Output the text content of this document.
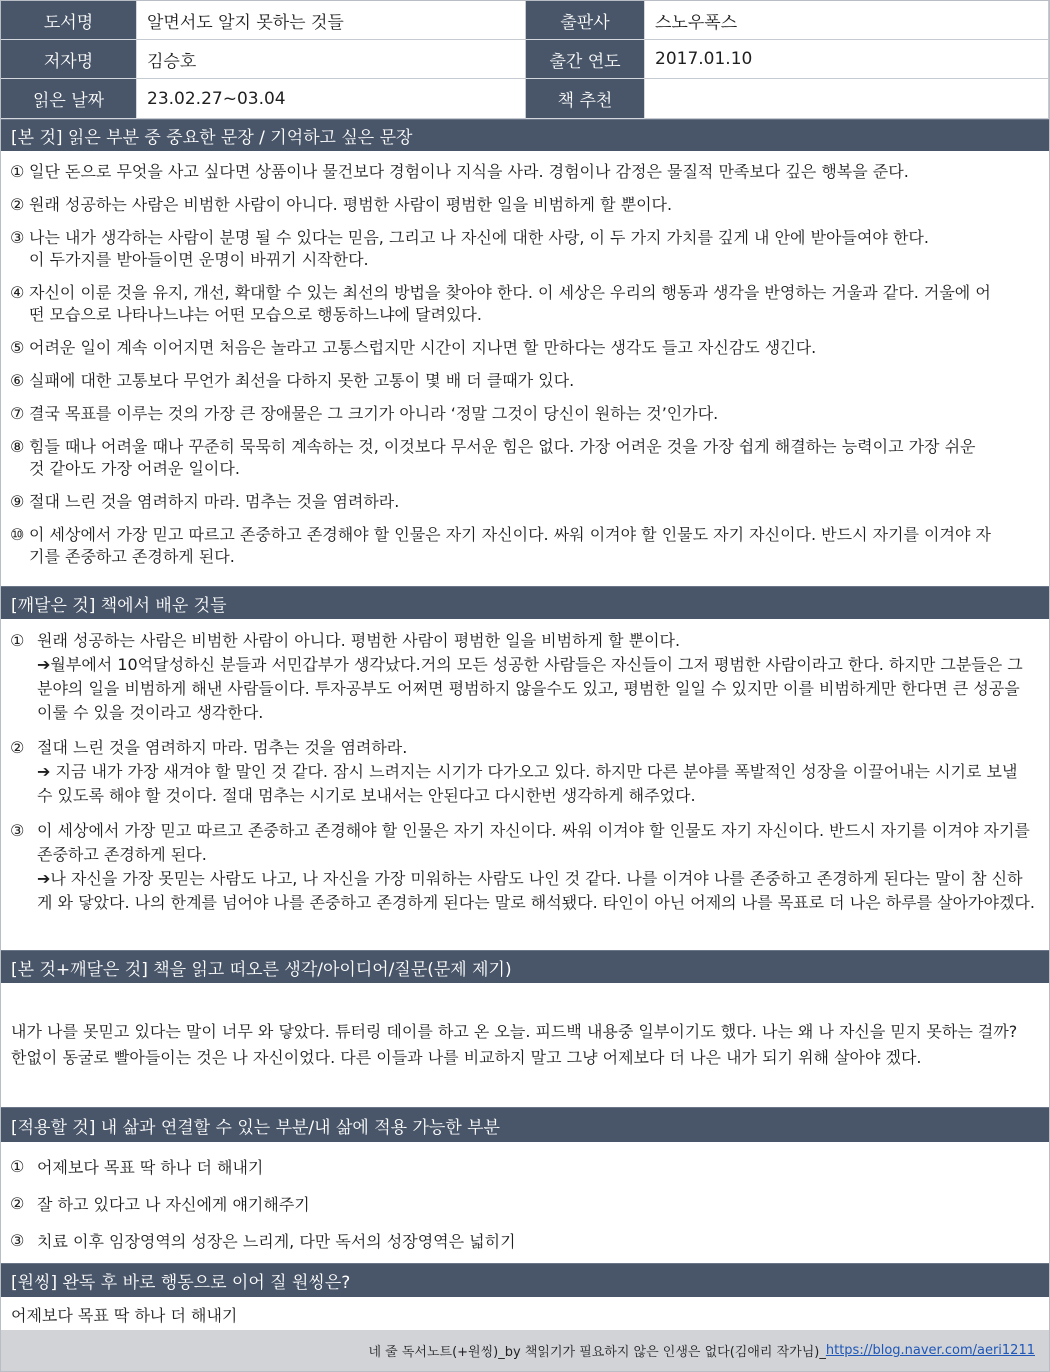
도서명	알면서도 알지 못하는 것들	출판사	스노우폭스
저자명	김승호	출간 연도	2017.01.10
읽은 날짜	23.02.27~03.04	책 추천
[본 것] 읽은 부분 중 중요한 문장 / 기억하고 싶은 문장
① 일단 돈으로 무엇을 사고 싶다면 상품이나 물건보다 경험이나 지식을 사라. 경험이나 감정은 물질적 만족보다 깊은 행복을 준다.
② 원래 성공하는 사람은 비범한 사람이 아니다. 평범한 사람이 평범한 일을 비범하게 할 뿐이다.
③ 나는 내가 생각하는 사람이 분명 될 수 있다는 믿음, 그리고 나 자신에 대한 사랑, 이 두 가지 가치를 깊게 내 안에 받아들여야 한다.
이 두가지를 받아들이면 운명이 바뀌기 시작한다.
④ 자신이 이룬 것을 유지, 개선, 확대할 수 있는 최선의 방법을 찾아야 한다. 이 세상은 우리의 행동과 생각을 반영하는 거울과 같다. 거울에 어
떤 모습으로 나타나느냐는 어떤 모습으로 행동하느냐에 달려있다.
⑤ 어려운 일이 계속 이어지면 처음은 놀라고 고통스럽지만 시간이 지나면 할 만하다는 생각도 들고 자신감도 생긴다.
⑥ 실패에 대한 고통보다 무언가 최선을 다하지 못한 고통이 몇 배 더 클때가 있다.
⑦ 결국 목표를 이루는 것의 가장 큰 장애물은 그 크기가 아니라 ‘정말 그것이 당신이 원하는 것’인가다.
⑧ 힘들 때나 어려울 때나 꾸준히 묵묵히 계속하는 것, 이것보다 무서운 힘은 없다. 가장 어려운 것을 가장 쉽게 해결하는 능력이고 가장 쉬운
것 같아도 가장 어려운 일이다.
⑨ 절대 느린 것을 염려하지 마라. 멈추는 것을 염려하라.
⑩ 이 세상에서 가장 믿고 따르고 존중하고 존경해야 할 인물은 자기 자신이다. 싸워 이겨야 할 인물도 자기 자신이다. 반드시 자기를 이겨야 자
기를 존중하고 존경하게 된다.
[깨달은 것] 책에서 배운 것들
① 원래 성공하는 사람은 비범한 사람이 아니다. 평범한 사람이 평범한 일을 비범하게 할 뿐이다.
➔월부에서 10억달성하신 분들과 서민갑부가 생각났다.거의 모든 성공한 사람들은 자신들이 그저 평범한 사람이라고 한다. 하지만 그분들은 그 분야의 일을 비범하게 해낸 사람들이다. 투자공부도 어쩌면 평범하지 않을수도 있고, 평범한 일일 수 있지만 이를 비범하게만 한다면 큰 성공을 이룰 수 있을 것이라고 생각한다.
② 절대 느린 것을 염려하지 마라. 멈추는 것을 염려하라.
➔ 지금 내가 가장 새겨야 할 말인 것 같다. 잠시 느려지는 시기가 다가오고 있다. 하지만 다른 분야를 폭발적인 성장을 이끌어내는 시기로 보낼 수 있도록 해야 할 것이다. 절대 멈추는 시기로 보내서는 안된다고 다시한번 생각하게 해주었다.
③ 이 세상에서 가장 믿고 따르고 존중하고 존경해야 할 인물은 자기 자신이다. 싸워 이겨야 할 인물도 자기 자신이다. 반드시 자기를 이겨야 자기를 존중하고 존경하게 된다.
➔나 자신을 가장 못믿는 사람도 나고, 나 자신을 가장 미워하는 사람도 나인 것 같다. 나를 이겨야 나를 존중하고 존경하게 된다는 말이 참 신하게 와 닿았다. 나의 한계를 넘어야 나를 존중하고 존경하게 된다는 말로 해석됐다. 타인이 아닌 어제의 나를 목표로 더 나은 하루를 살아가야겠다.
[본 것+깨달은 것] 책을 읽고 떠오른 생각/아이디어/질문(문제 제기)
내가 나를 못믿고 있다는 말이 너무 와 닿았다. 튜터링 데이를 하고 온 오늘. 피드백 내용중 일부이기도 했다. 나는 왜 나 자신을 믿지 못하는 걸까? 한없이 동굴로 빨아들이는 것은 나 자신이었다. 다른 이들과 나를 비교하지 말고 그냥 어제보다 더 나은 내가 되기 위해 살아야 겠다.
[적용할 것] 내 삶과 연결할 수 있는 부분/내 삶에 적용 가능한 부분
① 어제보다 목표 딱 하나 더 해내기
② 잘 하고 있다고 나 자신에게 얘기해주기
③ 치료 이후 임장영역의 성장은 느리게, 다만 독서의 성장영역은 넓히기
[원씽] 완독 후 바로 행동으로 이어 질 원씽은?
어제보다 목표 딱 하나 더 해내기
네 줄 독서노트(+원씽)_by 책읽기가 필요하지 않은 인생은 없다(김애리 작가님)_ https://blog.naver.com/aeri1211
